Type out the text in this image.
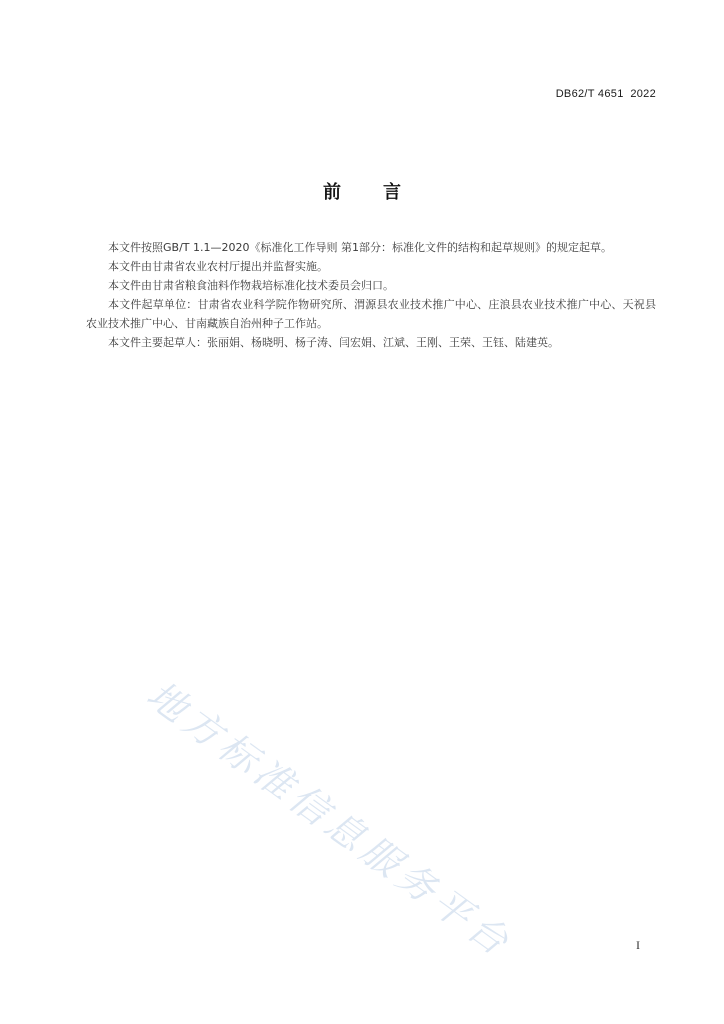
DB62/T 4651  2022
前言

本文件按照GB/T 1.1—2020《标准化工作导则 第1部分：标准化文件的结构和起草规则》的规定起草。

本文件由甘肃省农业农村厅提出并监督实施。

本文件由甘肃省粮食油料作物栽培标准化技术委员会归口。

本文件起草单位：甘肃省农业科学院作物研究所、渭源县农业技术推广中心、庄浪县农业技术推广中心、天祝县农业技术推广中心、甘南藏族自治州种子工作站。

本文件主要起草人：张丽娟、杨晓明、杨子涛、闫宏娟、江斌、王刚、王荣、王钰、陆建英。

地方标准信息服务平台	I
